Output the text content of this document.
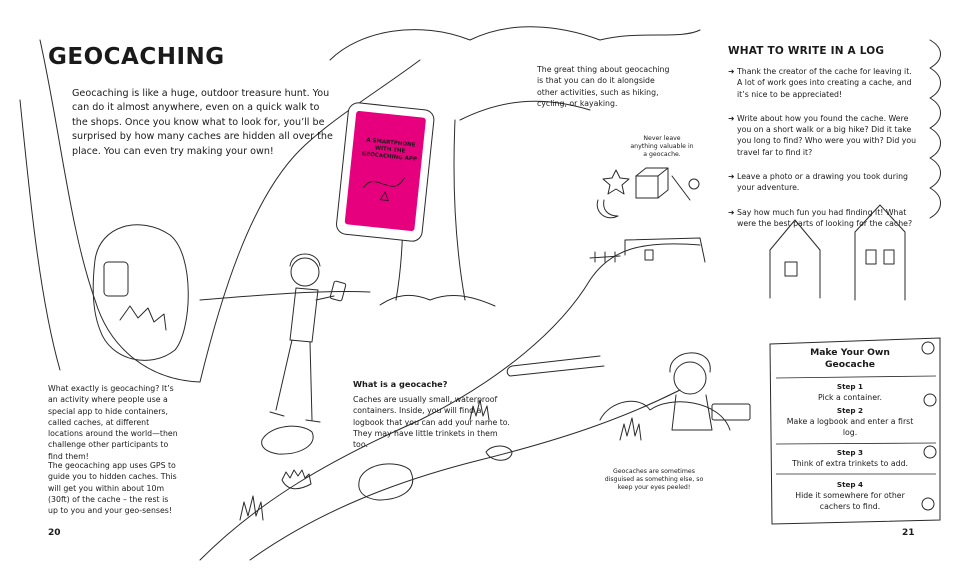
A SMARTPHONE WITH THE GEOCACHING APP
GEOCACHING

Geocaching is like a huge, outdoor treasure hunt. You can do it almost anywhere, even on a quick walk to the shops. Once you know what to look for, you’ll be surprised by how many caches are hidden all over the place. You can even try making your own!

What exactly is geocaching? It’s an activity where people use a special app to hide containers, called caches, at different locations around the world—then challenge other participants to find them!

The geocaching app uses GPS to guide you to hidden caches. This will get you within about 10m (30ft) of the cache – the rest is up to you and your geo-senses!

20

The great thing about geocaching is that you can do it alongside other activities, such as hiking, cycling, or kayaking.

Never leave anything valuable in a geocache.

What is a geocache?

Caches are usually small, waterproof containers. Inside, you will find a logbook that you can add your name to. They may have little trinkets in them too.

Geocaches are sometimes disguised as something else, so keep your eyes peeled!

WHAT TO WRITE IN A LOG
➜ Thank the creator of the cache for leaving it. A lot of work goes into creating a cache, and it’s nice to be appreciated!
➜ Write about how you found the cache. Were you on a short walk or a big hike? Did it take you long to find? Who were you with? Did you travel far to find it?
➜ Leave a photo or a drawing you took during your adventure.
➜ Say how much fun you had finding it! What were the best parts of looking for the cache?
Make Your Own
Geocache

Step 1

Pick a container.

Step 2

Make a logbook and enter a first log.

Step 3

Think of extra trinkets to add.

Step 4

Hide it somewhere for other cachers to find.

21
